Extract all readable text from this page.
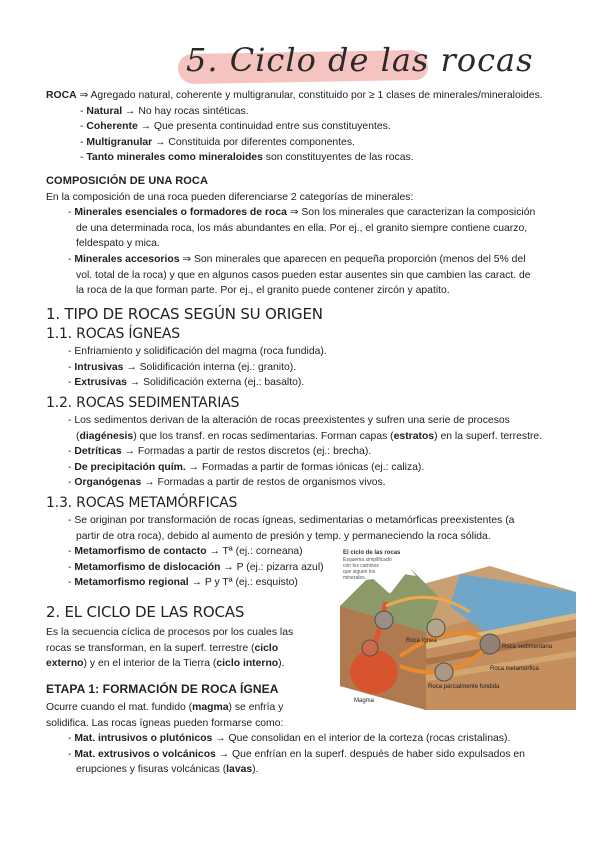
5. Ciclo de las rocas
ROCA ⇒ Agregado natural, coherente y multigranular, constituido por ≥ 1 clases de minerales/mineraloides.
- Natural → No hay rocas sintéticas.
- Coherente → Que presenta continuidad entre sus constituyentes.
- Multigranular → Constituida por diferentes componentes.
- Tanto minerales como mineraloides son constituyentes de las rocas.
COMPOSICIÓN DE UNA ROCA
En la composición de una roca pueden diferenciarse 2 categorías de minerales:
- Minerales esenciales o formadores de roca ⇒ Son los minerales que caracterizan la composición
de una determinada roca, los más abundantes en ella. Por ej., el granito siempre contiene cuarzo,
feldespato y mica.
- Minerales accesorios ⇒ Son minerales que aparecen en pequeña proporción (menos del 5% del
vol. total de la roca) y que en algunos casos pueden estar ausentes sin que cambien las caract. de
la roca de la que forman parte. Por ej., el granito puede contener zircón y apatito.
1. TIPO DE ROCAS SEGÚN SU ORIGEN
1.1. ROCAS ÍGNEAS
- Enfriamiento y solidificación del magma (roca fundida).
- Intrusivas → Solidificación interna (ej.: granito).
- Extrusivas → Solidificación externa (ej.: basalto).
1.2. ROCAS SEDIMENTARIAS
- Los sedimentos derivan de la alteración de rocas preexistentes y sufren una serie de procesos
(diagénesis) que los transf. en rocas sedimentarias. Forman capas (estratos) en la superf. terrestre.
- Detríticas → Formadas a partir de restos discretos (ej.: brecha).
- De precipitación quím. → Formadas a partir de formas iónicas (ej.: caliza).
- Organógenas → Formadas a partir de restos de organismos vivos.
1.3. ROCAS METAMÓRFICAS
- Se originan por transformación de rocas ígneas, sedimentarias o metamórficas preexistentes (a
partir de otra roca), debido al aumento de presión y temp. y permaneciendo la roca sólida.
- Metamorfismo de contacto → Tª (ej.: corneana)
- Metamorfismo de dislocación → P (ej.: pizarra azul)
- Metamorfismo regional → P y Tª (ej.: esquisto)
2. EL CICLO DE LAS ROCAS
Es la secuencia cíclica de procesos por los cuales las
rocas se transforman, en la superf. terrestre (ciclo
externo) y en el interior de la Tierra (ciclo interno).
ETAPA 1: FORMACIÓN DE ROCA ÍGNEA
Ocurre cuando el mat. fundido (magma) se enfría y
solidifica. Las rocas ígneas pueden formarse como:
- Mat. intrusivos o plutónicos → Que consolidan en el interior de la corteza (rocas cristalinas).
- Mat. extrusivos o volcánicos → Que enfrían en la superf. después de haber sido expulsados en
erupciones y fisuras volcánicas (lavas).
El ciclo de las rocas
Esquema simplificado
con los caminos
que siguen los
minerales.
Roca sedimentaria
Roca metamórfica
Roca ígnea
Roca parcialmente fundida
Magma
